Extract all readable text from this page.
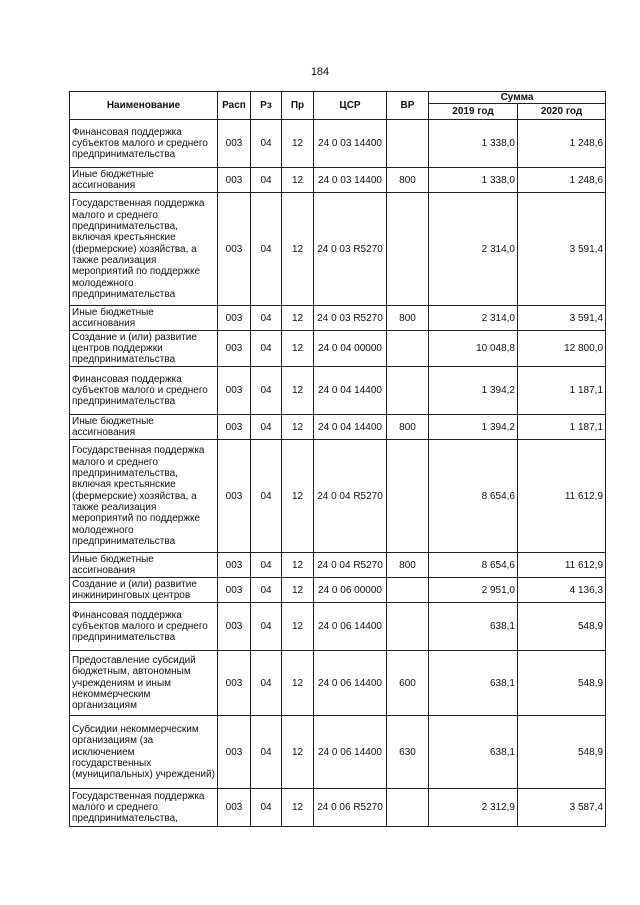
184
Наименование	Расп	Рз	Пр	ЦСР	ВР	Сумма	
						2019 год	2020 год
Финансовая поддержка субъектов малого и среднего предпринимательства	003	04	12	24 0 03 14400		1 338,0	1 248,6
Иные бюджетные ассигнования	003	04	12	24 0 03 14400	800	1 338,0	1 248,6
Государственная поддержка малого и среднего предпринимательства, включая крестьянские (фермерские) хозяйства, а также реализация мероприятий по поддержке молодежного предпринимательства	003	04	12	24 0 03 R5270		2 314,0	3 591,4
Иные бюджетные ассигнования	003	04	12	24 0 03 R5270	800	2 314,0	3 591,4
Создание и (или) развитие центров поддержки предпринимательства	003	04	12	24 0 04 00000		10 048,8	12 800,0
Финансовая поддержка субъектов малого и среднего предпринимательства	003	04	12	24 0 04 14400		1 394,2	1 187,1
Иные бюджетные ассигнования	003	04	12	24 0 04 14400	800	1 394,2	1 187,1
Государственная поддержка малого и среднего предпринимательства, включая крестьянские (фермерские) хозяйства, а также реализация мероприятий по поддержке молодежного предпринимательства	003	04	12	24 0 04 R5270		8 654,6	11 612,9
Иные бюджетные ассигнования	003	04	12	24 0 04 R5270	800	8 654,6	11 612,9
Создание и (или) развитие инжиниринговых центров	003	04	12	24 0 06 00000		2 951,0	4 136,3
Финансовая поддержка субъектов малого и среднего предпринимательства	003	04	12	24 0 06 14400		638,1	548,9
Предоставление субсидий бюджетным, автономным учреждениям и иным некоммерческим организациям	003	04	12	24 0 06 14400	600	638,1	548,9
Субсидии некоммерческим организациям (за исключением государственных (муниципальных) учреждений)	003	04	12	24 0 06 14400	630	638,1	548,9
Государственная поддержка малого и среднего предпринимательства,	003	04	12	24 0 06 R5270		2 312,9	3 587,4
